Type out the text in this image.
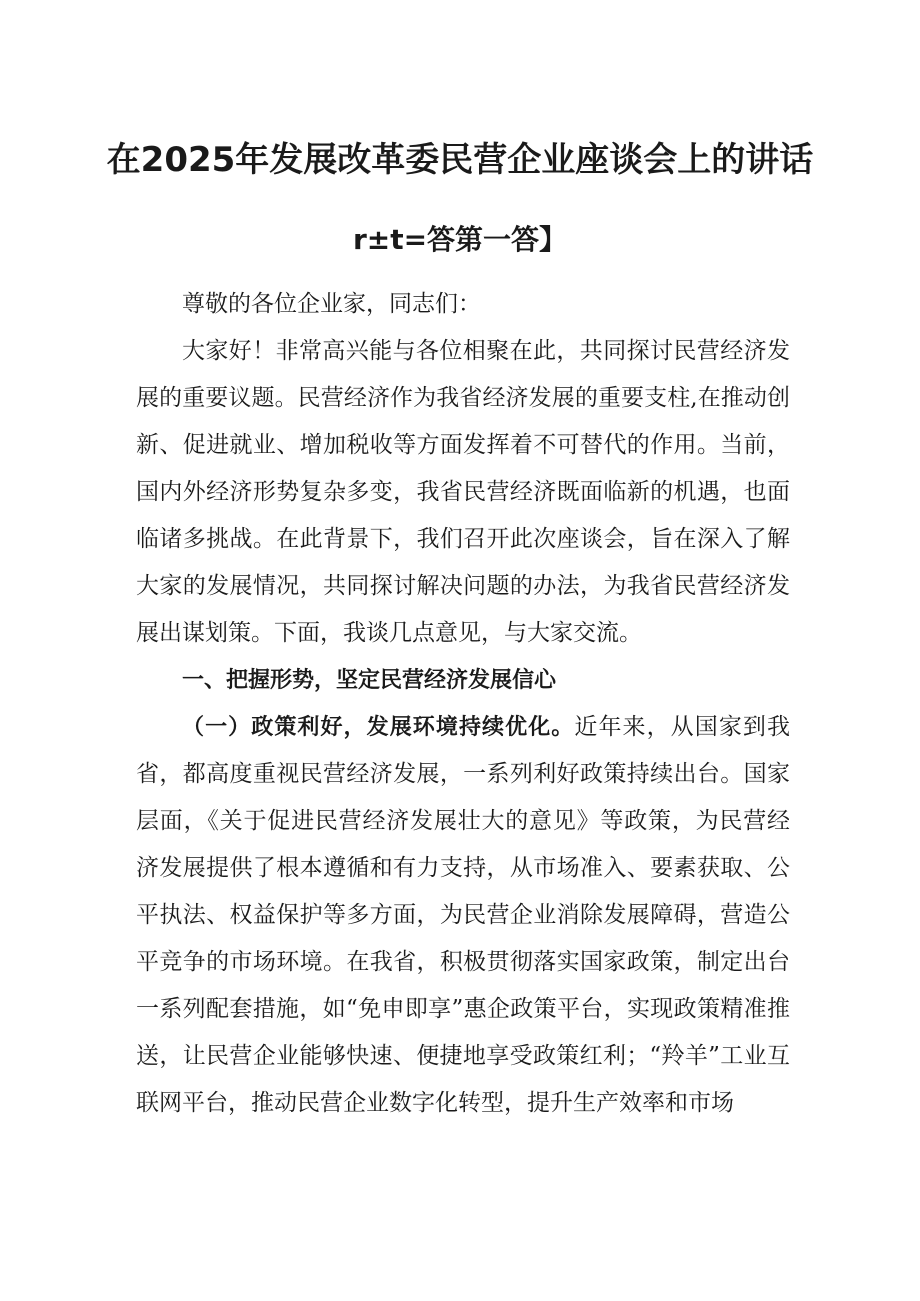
在2025年发展改革委民营企业座谈会上的讲话
r±t=答第一答】

尊敬的各位企业家，同志们：

大家好！非常高兴能与各位相聚在此，共同探讨民营经济发展的重要议题。民营经济作为我省经济发展的重要支柱,在推动创新、促进就业、增加税收等方面发挥着不可替代的作用。当前，国内外经济形势复杂多变，我省民营经济既面临新的机遇，也面临诸多挑战。在此背景下，我们召开此次座谈会，旨在深入了解大家的发展情况，共同探讨解决问题的办法，为我省民营经济发展出谋划策。下面，我谈几点意见，与大家交流。

一、把握形势，坚定民营经济发展信心

（一）政策利好，发展环境持续优化。近年来，从国家到我省，都高度重视民营经济发展，一系列利好政策持续出台。国家层面，《关于促进民营经济发展壮大的意见》等政策，为民营经济发展提供了根本遵循和有力支持，从市场准入、要素获取、公平执法、权益保护等多方面，为民营企业消除发展障碍，营造公平竞争的市场环境。在我省，积极贯彻落实国家政策，制定出台一系列配套措施，如“免申即享”惠企政策平台，实现政策精准推送，让民营企业能够快速、便捷地享受政策红利；“羚羊”工业互联网平台，推动民营企业数字化转型，提升生产效率和市场
